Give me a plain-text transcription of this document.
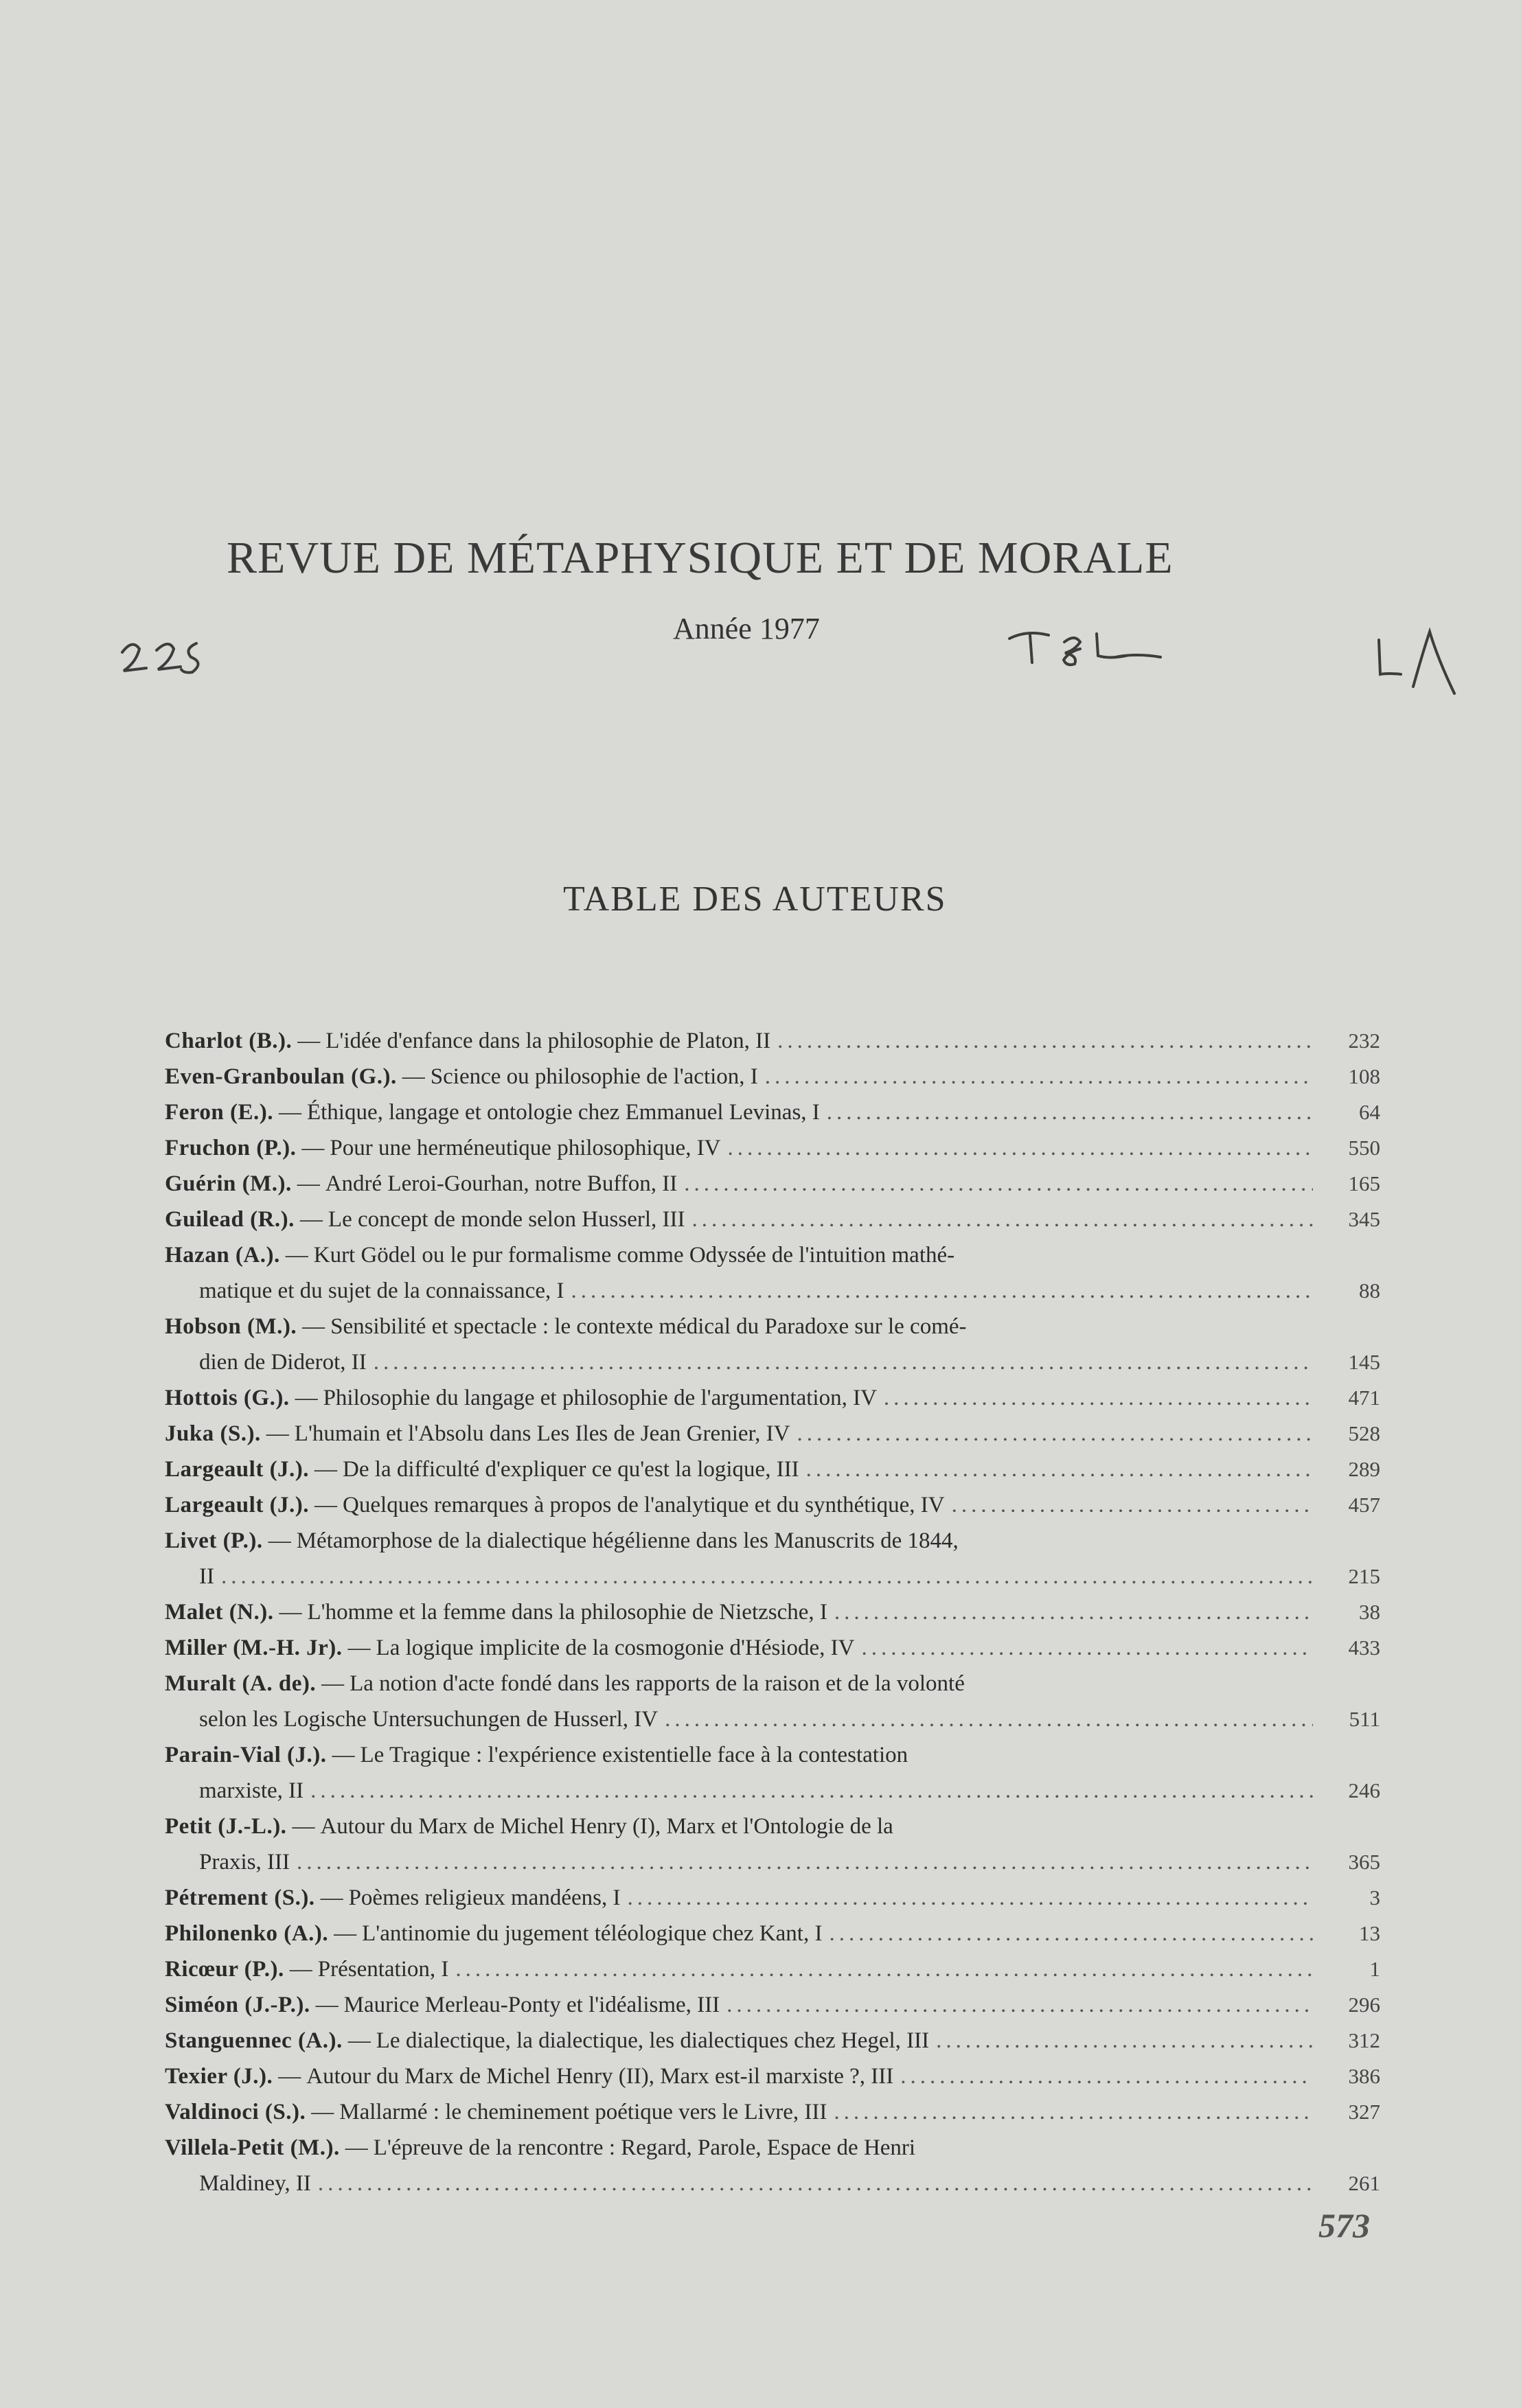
REVUE DE MÉTAPHYSIQUE ET DE MORALE
Année 1977
TABLE DES AUTEURS
Charlot (B.). — L'idée d'enfance dans la philosophie de Platon, II .....	232
Even-Granboulan (G.). — Science ou philosophie de l'action, I .....	108
Feron (E.). — Éthique, langage et ontologie chez Emmanuel Levinas, I .....	64
Fruchon (P.). — Pour une herméneutique philosophique, IV .....	550
Guérin (M.). — André Leroi-Gourhan, notre Buffon, II .....	165
Guilead (R.). — Le concept de monde selon Husserl, III .....	345
Hazan (A.). — Kurt Gödel ou le pur formalisme comme Odyssée de l'intuition mathé-
matique et du sujet de la connaissance, I .....	88
Hobson (M.). — Sensibilité et spectacle : le contexte médical du Paradoxe sur le comé-
dien de Diderot, II .....	145
Hottois (G.). — Philosophie du langage et philosophie de l'argumentation, IV .....	471
Juka (S.). — L'humain et l'Absolu dans Les Iles de Jean Grenier, IV .....	528
Largeault (J.). — De la difficulté d'expliquer ce qu'est la logique, III .....	289
Largeault (J.). — Quelques remarques à propos de l'analytique et du synthétique, IV .....	457
Livet (P.). — Métamorphose de la dialectique hégélienne dans les Manuscrits de 1844,
II .....	215
Malet (N.). — L'homme et la femme dans la philosophie de Nietzsche, I .....	38
Miller (M.-H. Jr). — La logique implicite de la cosmogonie d'Hésiode, IV .....	433
Muralt (A. de). — La notion d'acte fondé dans les rapports de la raison et de la volonté
selon les Logische Untersuchungen de Husserl, IV .....	511
Parain-Vial (J.). — Le Tragique : l'expérience existentielle face à la contestation
marxiste, II .....	246
Petit (J.-L.). — Autour du Marx de Michel Henry (I), Marx et l'Ontologie de la
Praxis, III .....	365
Pétrement (S.). — Poèmes religieux mandéens, I .....	3
Philonenko (A.). — L'antinomie du jugement téléologique chez Kant, I .....	13
Ricœur (P.). — Présentation, I .....	1
Siméon (J.-P.). — Maurice Merleau-Ponty et l'idéalisme, III .....	296
Stanguennec (A.). — Le dialectique, la dialectique, les dialectiques chez Hegel, III .....	312
Texier (J.). — Autour du Marx de Michel Henry (II), Marx est-il marxiste ?, III .....	386
Valdinoci (S.). — Mallarmé : le cheminement poétique vers le Livre, III .....	327
Villela-Petit (M.). — L'épreuve de la rencontre : Regard, Parole, Espace de Henri
Maldiney, II .....	261
573
